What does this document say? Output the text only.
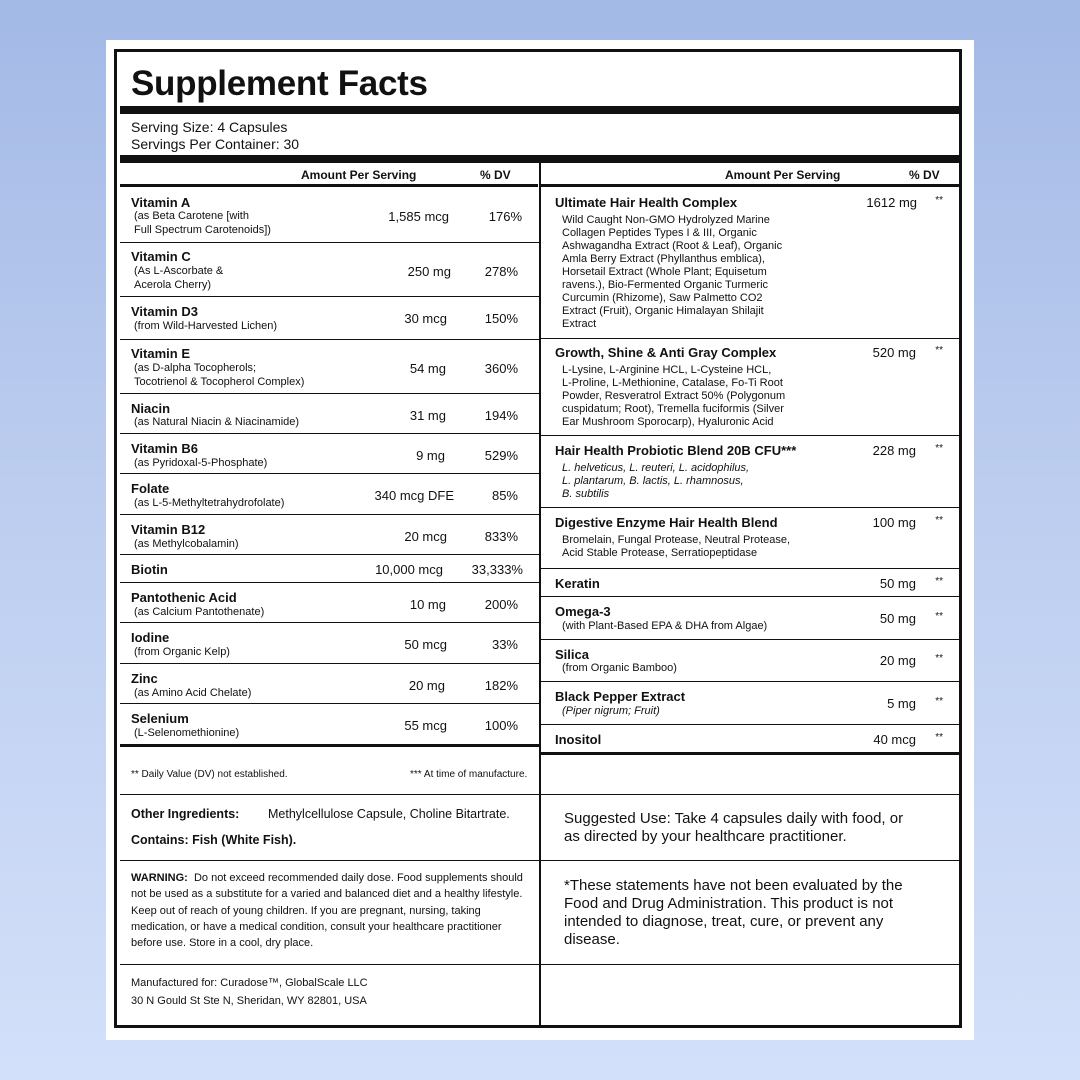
Supplement Facts
Serving Size: 4 Capsules
Servings Per Container: 30
Amount Per Serving	% DV	Amount Per Serving	% DV
Vitamin A
(as Beta Carotene [with
Full Spectrum Carotenoids])
1,585 mcg	176%
Vitamin C
(As L-Ascorbate &
Acerola Cherry)
250 mg	278%
Vitamin D3
(from Wild-Harvested Lichen)	30 mcg	150%
Vitamin E
(as D-alpha Tocopherols;
Tocotrienol & Tocopherol Complex)
54 mg	360%
Niacin
(as Natural Niacin & Niacinamide)	31 mg	194%
Vitamin B6
(as Pyridoxal-5-Phosphate)	9 mg	529%
Folate
(as L-5-Methyltetrahydrofolate)	340 mcg DFE	85%
Vitamin B12
(as Methylcobalamin)	20 mcg	833%
Biotin	10,000 mcg 33,333%
Pantothenic Acid
(as Calcium Pantothenate)	10 mg	200%
Iodine
(from Organic Kelp)	50 mcg	33%
Zinc
(as Amino Acid Chelate)	20 mg	182%
Selenium
(L-Selenomethionine)	55 mcg	100%
Ultimate Hair Health Complex
Wild Caught Non-GMO Hydrolyzed Marine
Collagen Peptides Types I & III, Organic
Ashwagandha Extract (Root & Leaf), Organic
Amla Berry Extract (Phyllanthus emblica),
Horsetail Extract (Whole Plant; Equisetum
ravens.), Bio-Fermented Organic Turmeric
Curcumin (Rhizome), Saw Palmetto CO2
Extract (Fruit), Organic Himalayan Shilajit
Extract
1612 mg **
Growth, Shine & Anti Gray Complex
L-Lysine, L-Arginine HCL, L-Cysteine HCL,
L-Proline, L-Methionine, Catalase, Fo-Ti Root
Powder, Resveratrol Extract 50% (Polygonum
cuspidatum; Root), Tremella fuciformis (Silver
Ear Mushroom Sporocarp), Hyaluronic Acid
520 mg **
Hair Health Probiotic Blend 20B CFU***
L. helveticus, L. reuteri, L. acidophilus,
L. plantarum, B. lactis, L. rhamnosus,
B. subtilis
228 mg **
Digestive Enzyme Hair Health Blend
Bromelain, Fungal Protease, Neutral Protease,
Acid Stable Protease, Serratiopeptidase
100 mg **
Keratin	50 mg **
Omega-3
(with Plant-Based EPA & DHA from Algae)	50 mg **
Silica
(from Organic Bamboo)	20 mg **
Black Pepper Extract
(Piper nigrum; Fruit)	5 mg **
Inositol	40 mcg **
** Daily Value (DV) not established.	*** At time of manufacture.
Other Ingredients: Methylcellulose Capsule, Choline Bitartrate.
Contains: Fish (White Fish).
WARNING: Do not exceed recommended daily dose. Food supplements should not be used as a substitute for a varied and balanced diet and a healthy lifestyle. Keep out of reach of young children. If you are pregnant, nursing, taking medication, or have a medical condition, consult your healthcare practitioner before use. Store in a cool, dry place.
Manufactured for: Curadose™, GlobalScale LLC
30 N Gould St Ste N, Sheridan, WY 82801, USA
Suggested Use: Take 4 capsules daily with food, or as directed by your healthcare practitioner.
*These statements have not been evaluated by the Food and Drug Administration. This product is not intended to diagnose, treat, cure, or prevent any disease.
